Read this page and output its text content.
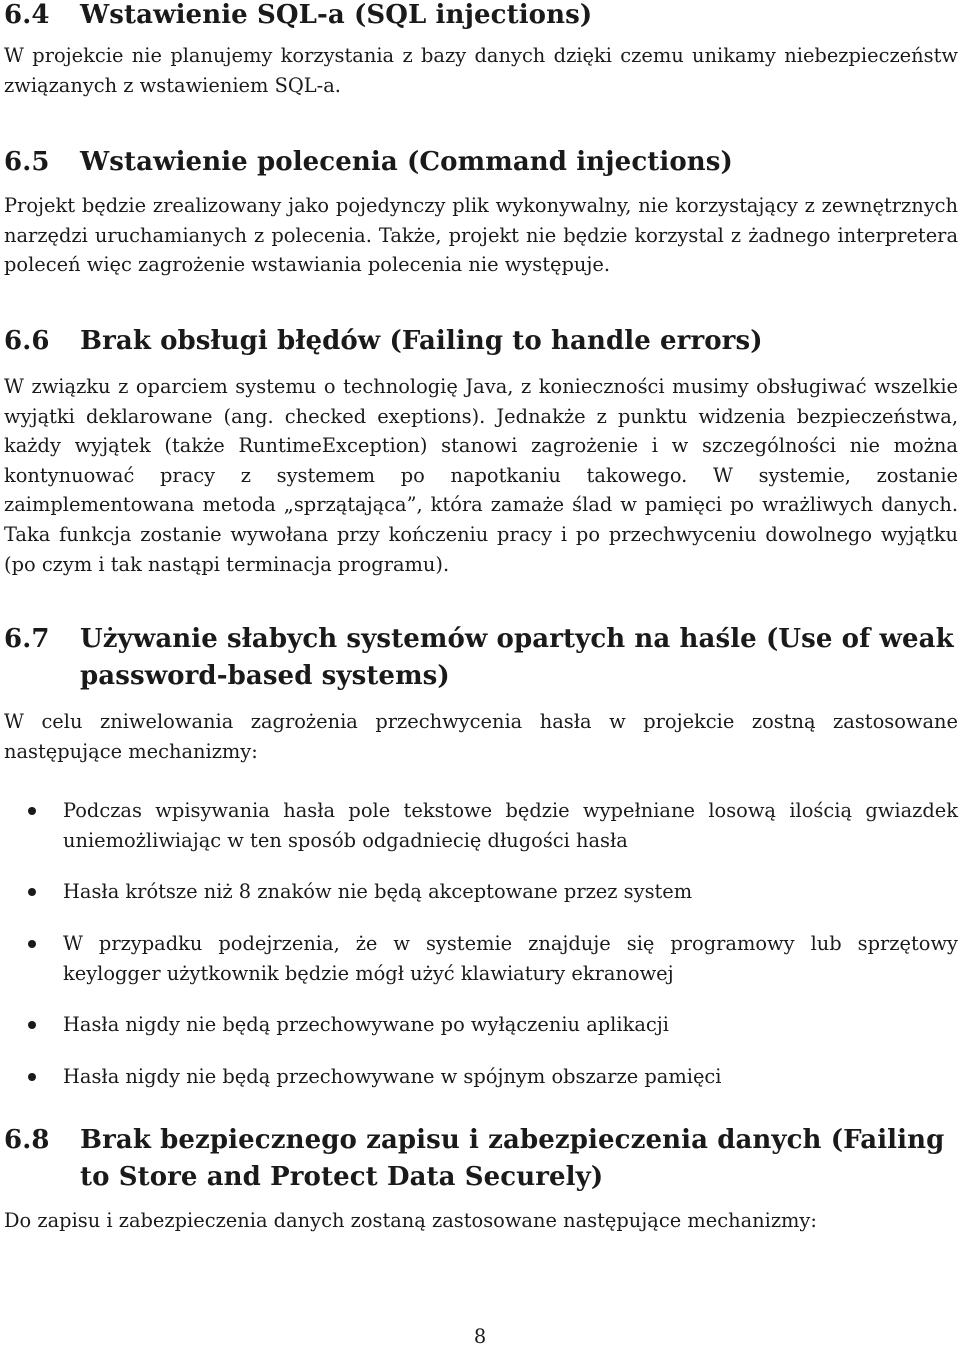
6.4	Wstawienie SQL-a (SQL injections)

W projekcie nie planujemy korzystania z bazy danych dzięki czemu unikamy niebezpieczeństw związanych z wstawieniem SQL-a.

6.5	Wstawienie polecenia (Command injections)

Projekt będzie zrealizowany jako pojedynczy plik wykonywalny, nie korzystający z zewnętrznych narzędzi uruchamianych z polecenia. Także, projekt nie będzie korzystal z żadnego interpretera poleceń więc zagrożenie wstawiania polecenia nie występuje.

6.6	Brak obsługi błędów (Failing to handle errors)

W związku z oparciem systemu o technologię Java, z konieczności musimy obsługiwać wszelkie wyjątki deklarowane (ang. checked exeptions). Jednakże z punktu widzenia bezpieczeństwa, każdy wyjątek (także RuntimeException) stanowi zagrożenie i w szczególności nie można kontynuować pracy z systemem po napotkaniu takowego. W systemie, zostanie zaimplementowana metoda „sprzątająca”, która zamaże ślad w pamięci po wrażliwych danych. Taka funkcja zostanie wywołana przy kończeniu pracy i po przechwyceniu dowolnego wyjątku (po czym i tak nastąpi terminacja programu).

6.7	Używanie słabych systemów opartych na haśle (Use of weak password-based systems)

W celu zniwelowania zagrożenia przechwycenia hasła w projekcie zostną zastosowane następujące mechanizmy:

Podczas wpisywania hasła pole tekstowe będzie wypełniane losową ilością gwiazdek uniemożliwiając w ten sposób odgadniecię długości hasła
Hasła krótsze niż 8 znaków nie będą akceptowane przez system
W przypadku podejrzenia, że w systemie znajduje się programowy lub sprzętowy keylogger użytkownik będzie mógł użyć klawiatury ekranowej
Hasła nigdy nie będą przechowywane po wyłączeniu aplikacji
Hasła nigdy nie będą przechowywane w spójnym obszarze pamięci
6.8	Brak bezpiecznego zapisu i zabezpieczenia danych (Failing to Store and Protect Data Securely)

Do zapisu i zabezpieczenia danych zostaną zastosowane następujące mechanizmy:

8
